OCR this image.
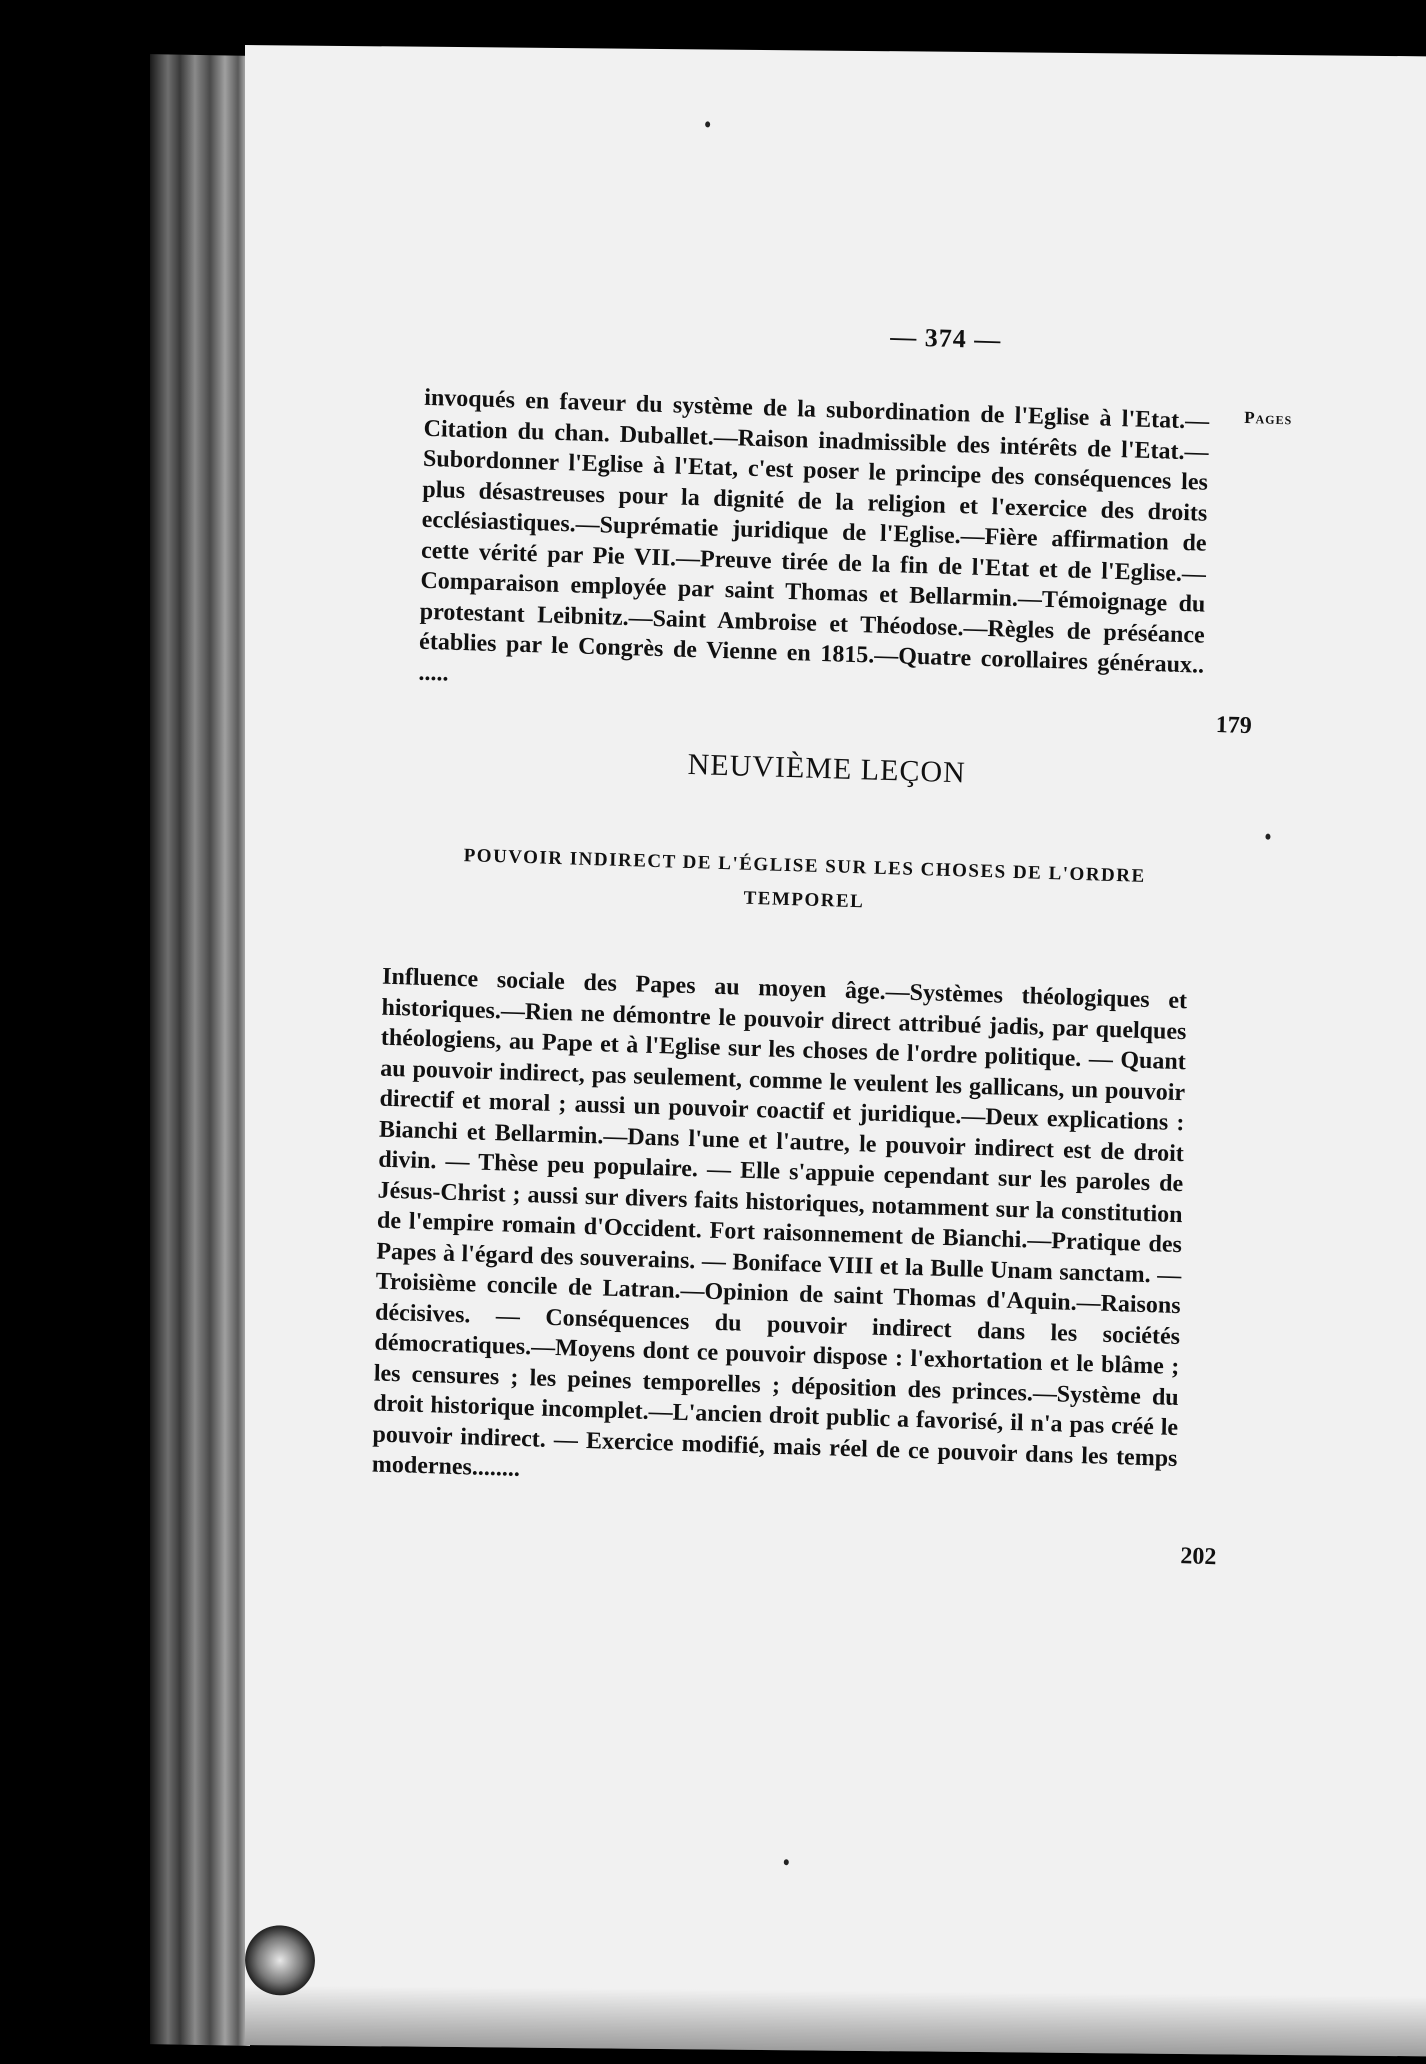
— 374 —
Pages
invoqués en faveur du système de la subordination de l'Eglise à l'Etat.—Citation du chan. Duballet.—Raison inadmissible des intérêts de l'Etat.—Subordonner l'Eglise à l'Etat, c'est poser le principe des conséquences les plus désastreuses pour la dignité de la religion et l'exercice des droits ecclésiastiques.—Suprématie juridique de l'Eglise.—Fière affirmation de cette vérité par Pie VII.—Preuve tirée de la fin de l'Etat et de l'Eglise.—Comparaison employée par saint Thomas et Bellarmin.—Témoignage du protestant Leibnitz.—Saint Ambroise et Théodose.—Règles de préséance établies par le Congrès de Vienne en 1815.—Quatre corollaires généraux.. .....
179
NEUVIÈME LEÇON
POUVOIR INDIRECT DE L'ÉGLISE SUR LES CHOSES DE L'ORDRE
TEMPOREL
Influence sociale des Papes au moyen âge.—Systèmes théologiques et historiques.—Rien ne démontre le pouvoir direct attribué jadis, par quelques théologiens, au Pape et à l'Eglise sur les choses de l'ordre politique. — Quant au pouvoir indirect, pas seulement, comme le veulent les gallicans, un pouvoir directif et moral ; aussi un pouvoir coactif et juridique.—Deux explications : Bianchi et Bellarmin.—Dans l'une et l'autre, le pouvoir indirect est de droit divin. — Thèse peu populaire. — Elle s'appuie cependant sur les paroles de Jésus-Christ ; aussi sur divers faits historiques, notamment sur la constitution de l'empire romain d'Occident. Fort raisonnement de Bianchi.—Pratique des Papes à l'égard des souverains. — Boniface VIII et la Bulle Unam sanctam. — Troisième concile de Latran.—Opinion de saint Thomas d'Aquin.—Raisons décisives. — Conséquences du pouvoir indirect dans les sociétés démocratiques.—Moyens dont ce pouvoir dispose : l'exhortation et le blâme ; les censures ; les peines temporelles ; déposition des princes.—Système du droit historique incomplet.—L'ancien droit public a favorisé, il n'a pas créé le pouvoir indirect. — Exercice modifié, mais réel de ce pouvoir dans les temps modernes........
202
